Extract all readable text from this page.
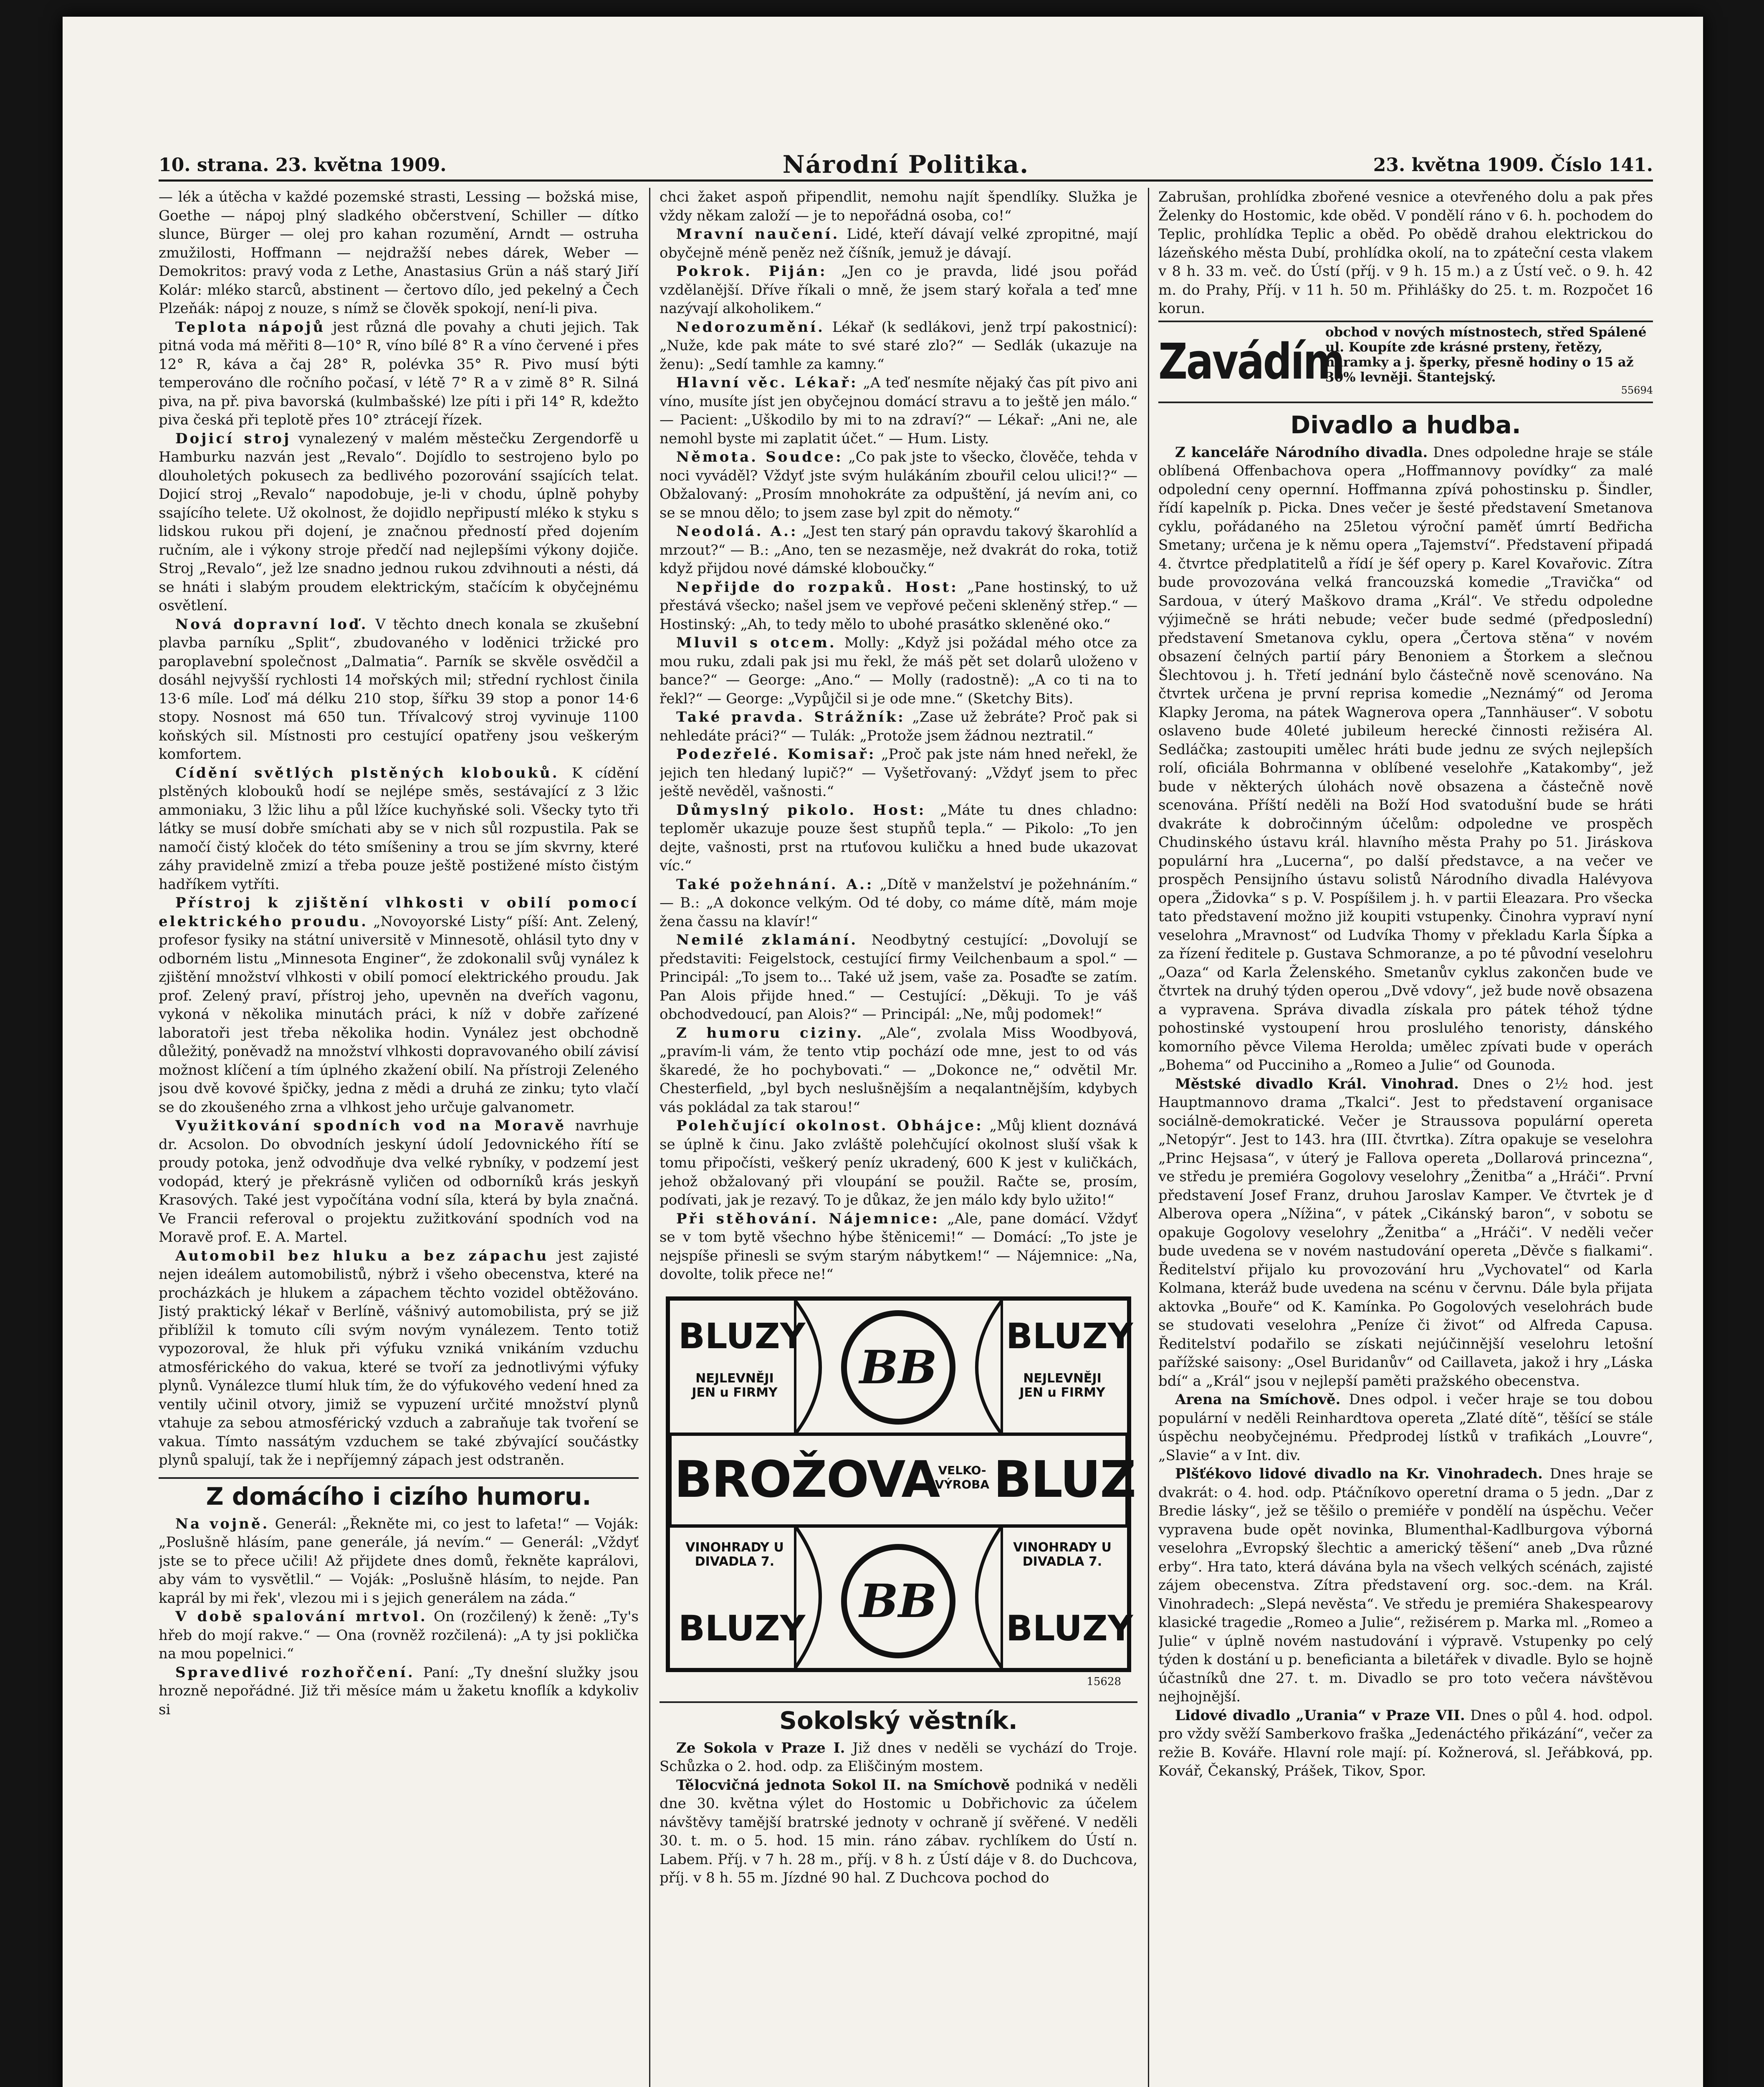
10. strana. 23. května 1909.	Národní Politika.	23. května 1909. Číslo 141.

— lék a útěcha v každé pozemské strasti, Lessing — božská mise, Goethe — nápoj plný sladkého občerstvení, Schiller — dítko slunce, Bürger — olej pro kahan rozumění, Arndt — ostruha zmužilosti, Hoffmann — nejdražší nebes dárek, Weber — Demokritos: pravý voda z Lethe, Anastasius Grün a náš starý Jiří Kolár: mléko starců, abstinent — čertovo dílo, jed pekelný a Čech Plzeňák: nápoj z nouze, s nímž se člověk spokojí, není-li piva.

Teplota nápojů jest různá dle povahy a chuti jejich. Tak pitná voda má měřiti 8—10° R, víno bílé 8° R a víno červené i přes 12° R, káva a čaj 28° R, polévka 35° R. Pivo musí býti temperováno dle ročního počasí, v létě 7° R a v zimě 8° R. Silná piva, na př. piva bavorská (kulmbašské) lze píti i při 14° R, kdežto piva česká při teplotě přes 10° ztrácejí řízek.

Dojicí stroj vynalezený v malém městečku Zergendorfě u Hamburku nazván jest „Revalo“. Dojídlo to sestrojeno bylo po dlouholetých pokusech za bedlivého pozorování ssajících telat. Dojicí stroj „Revalo“ napodobuje, je-li v chodu, úplně pohyby ssajícího telete. Už okolnost, že dojidlo nepřipustí mléko k styku s lidskou rukou při dojení, je značnou předností před dojením ručním, ale i výkony stroje předčí nad nejlepšími výkony dojiče. Stroj „Revalo“, jež lze snadno jednou rukou zdvihnouti a nésti, dá se hnáti i slabým proudem elektrickým, stačícím k obyčejnému osvětlení.

Nová dopravní loď. V těchto dnech konala se zkušební plavba parníku „Split“, zbudovaného v loděnici tržické pro paroplavební společnost „Dalmatia“. Parník se skvěle osvědčil a dosáhl nejvyšší rychlosti 14 mořských mil; střední rychlost činila 13·6 míle. Loď má délku 210 stop, šířku 39 stop a ponor 14·6 stopy. Nosnost má 650 tun. Třívalcový stroj vyvinuje 1100 koňských sil. Místnosti pro cestující opatřeny jsou veškerým komfortem.

Cídění světlých plstěných klobouků. K cídění plstěných klobouků hodí se nejlépe směs, sestávající z 3 lžic ammoniaku, 3 lžic lihu a půl lžíce kuchyňské soli. Všecky tyto tři látky se musí dobře smíchati aby se v nich sůl rozpustila. Pak se namočí čistý kloček do této smíšeniny a trou se jím skvrny, které záhy pravidelně zmizí a třeba pouze ještě postižené místo čistým hadříkem vytříti.

Přístroj k zjištění vlhkosti v obilí pomocí elektrického proudu. „Novoyorské Listy“ píší: Ant. Zelený, profesor fysiky na státní universitě v Minnesotě, ohlásil tyto dny v odborném listu „Minnesota Enginer“, že zdokonalil svůj vynález k zjištění množství vlhkosti v obilí pomocí elektrického proudu. Jak prof. Zelený praví, přístroj jeho, upevněn na dveřích vagonu, vykoná v několika minutách práci, k níž v dobře zařízené laboratoři jest třeba několika hodin. Vynález jest obchodně důležitý, poněvadž na množství vlhkosti dopravovaného obilí závisí možnost klíčení a tím úplného zkažení obilí. Na přístroji Zeleného jsou dvě kovové špičky, jedna z mědi a druhá ze zinku; tyto vlačí se do zkoušeného zrna a vlhkost jeho určuje galvanometr.

Využitkování spodních vod na Moravě navrhuje dr. Acsolon. Do obvodních jeskyní údolí Jedovnického řítí se proudy potoka, jenž odvodňuje dva velké rybníky, v podzemí jest vodopád, který je překrásně vyličen od odborníků krás jeskyň Krasových. Také jest vypočítána vodní síla, která by byla značná. Ve Francii referoval o projektu zužitkování spodních vod na Moravě prof. E. A. Martel.

Automobil bez hluku a bez zápachu jest zajisté nejen ideálem automobilistů, nýbrž i všeho obecenstva, které na procházkách je hlukem a zápachem těchto vozidel obtěžováno. Jistý praktický lékař v Berlíně, vášnivý automobilista, prý se již přiblížil k tomuto cíli svým novým vynálezem. Tento totiž vypozoroval, že hluk při výfuku vzniká vnikáním vzduchu atmosférického do vakua, které se tvoří za jednotlivými výfuky plynů. Vynálezce tlumí hluk tím, že do výfukového vedení hned za ventily učinil otvory, jimiž se vypuzení určité množství plynů vtahuje za sebou atmosférický vzduch a zabraňuje tak tvoření se vakua. Tímto nassátým vzduchem se také zbývající součástky plynů spalují, tak že i nepříjemný zápach jest odstraněn.

Z domácího i cizího humoru.

Na vojně. Generál: „Řekněte mi, co jest to lafeta!“ — Voják: „Poslušně hlásím, pane generále, já nevím.“ — Generál: „Vždyť jste se to přece učili! Až přijdete dnes domů, řekněte kaprálovi, aby vám to vysvětlil.“ — Voják: „Poslušně hlásím, to nejde. Pan kaprál by mi řek', vlezou mi i s jejich generálem na záda.“

V době spalování mrtvol. On (rozčilený) k ženě: „Ty's hřeb do mojí rakve.“ — Ona (rovněž rozčilená): „A ty jsi poklička na mou popelnici.“

Spravedlivé rozhořčení. Paní: „Ty dnešní služky jsou hrozně nepořádné. Již tři měsíce mám u žaketu knoflík a kdykoliv si

chci žaket aspoň připendlit, nemohu najít špendlíky. Služka je vždy někam založí — je to nepořádná osoba, co!“

Mravní naučení. Lidé, kteří dávají velké zpropitné, mají obyčejně méně peněz než číšník, jemuž je dávají.

Pokrok. Piján: „Jen co je pravda, lidé jsou pořád vzdělanější. Dříve říkali o mně, že jsem starý kořala a teď mne nazývají alkoholikem.“

Nedorozumění. Lékař (k sedlákovi, jenž trpí pakostnicí): „Nuže, kde pak máte to své staré zlo?“ — Sedlák (ukazuje na ženu): „Sedí tamhle za kamny.“

Hlavní věc. Lékař: „A teď nesmíte nějaký čas pít pivo ani víno, musíte jíst jen obyčejnou domácí stravu a to ještě jen málo.“ — Pacient: „Uškodilo by mi to na zdraví?“ — Lékař: „Ani ne, ale nemohl byste mi zaplatit účet.“ — Hum. Listy.

Němota. Soudce: „Co pak jste to všecko, člověče, tehda v noci vyváděl? Vždyť jste svým hulákáním zbouřil celou ulici!?“ — Obžalovaný: „Prosím mnohokráte za odpuštění, já nevím ani, co se se mnou dělo; to jsem zase byl zpit do němoty.“

Neodolá. A.: „Jest ten starý pán opravdu takový škarohlíd a mrzout?“ — B.: „Ano, ten se nezasměje, než dvakrát do roka, totiž když přijdou nové dámské kloboučky.“

Nepřijde do rozpaků. Host: „Pane hostinský, to už přestává všecko; našel jsem ve vepřové pečeni skleněný střep.“ — Hostinský: „Ah, to tedy mělo to ubohé prasátko skleněné oko.“

Mluvil s otcem. Molly: „Když jsi požádal mého otce za mou ruku, zdali pak jsi mu řekl, že máš pět set dolarů uloženo v bance?“ — George: „Ano.“ — Molly (radostně): „A co ti na to řekl?“ — George: „Vypůjčil si je ode mne.“ (Sketchy Bits).

Také pravda. Strážník: „Zase už žebráte? Proč pak si nehledáte práci?“ — Tulák: „Protože jsem žádnou neztratil.“

Podezřelé. Komisař: „Proč pak jste nám hned neřekl, že jejich ten hledaný lupič?“ — Vyšetřovaný: „Vždyť jsem to přec ještě nevěděl, vašnosti.“

Důmyslný pikolo. Host: „Máte tu dnes chladno: teploměr ukazuje pouze šest stupňů tepla.“ — Pikolo: „To jen dejte, vašnosti, prst na rtuťovou kuličku a hned bude ukazovat víc.“

Také požehnání. A.: „Dítě v manželství je požehnáním.“ — B.: „A dokonce velkým. Od té doby, co máme dítě, mám moje žena čassu na klavír!“

Nemilé zklamání. Neodbytný cestující: „Dovolují se představiti: Feigelstock, cestující firmy Veilchenbaum a spol.“ — Principál: „To jsem to... Také už jsem, vaše za. Posaďte se zatím. Pan Alois přijde hned.“ — Cestující: „Děkuji. To je váš obchodvedoucí, pan Alois?“ — Principál: „Ne, můj podomek!“

Z humoru ciziny. „Ale“, zvolala Miss Woodbyová, „pravím-li vám, že tento vtip pochází ode mne, jest to od vás škaredé, že ho pochybovati.“ — „Dokonce ne,“ odvětil Mr. Chesterfield, „byl bych neslušnějším a neqalantnějším, kdybych vás pokládal za tak starou!“

Polehčující okolnost. Obhájce: „Můj klient doznává se úplně k činu. Jako zvláště polehčující okolnost sluší však k tomu připočísti, veškerý peníz ukradený, 600 K jest v kuličkách, jehož obžalovaný při vloupání se použil. Račte se, prosím, podívati, jak je rezavý. To je důkaz, že jen málo kdy bylo užito!“

Při stěhování. Nájemnice: „Ale, pane domácí. Vždyť se v tom bytě všechno hýbe štěnicemi!“ — Domácí: „To jste je nejspíše přinesli se svým starým nábytkem!“ — Nájemnice: „Na, dovolte, tolik přece ne!“

BLUZY	BLUZY
NEJLEVNĚJI JEN u FIRMY
NEJLEVNĚJI JEN u FIRMY
BB
BB
BROŽOVA
VELKO-VÝROBA BLUZ
VINOHRADY U DIVADLA 7.
VINOHRADY U DIVADLA 7.
BLUZY	BLUZY
15628
Sokolský věstník.

Ze Sokola v Praze I. Již dnes v neděli se vychází do Troje. Schůzka o 2. hod. odp. za Eliščiným mostem.

Tělocvičná jednota Sokol II. na Smíchově podniká v neděli dne 30. května výlet do Hostomic u Dobřichovic za účelem návštěvy tamější bratrské jednoty v ochraně jí svěřené. V neděli 30. t. m. o 5. hod. 15 min. ráno zábav. rychlíkem do Ústí n. Labem. Příj. v 7 h. 28 m., příj. v 8 h. z Ústí dáje v 8. do Duchcova, příj. v 8 h. 55 m. Jízdné 90 hal. Z Duchcova pochod do

Zabrušan, prohlídka zbořené vesnice a otevřeného dolu a pak přes Želenky do Hostomic, kde oběd. V pondělí ráno v 6. h. pochodem do Teplic, prohlídka Teplic a oběd. Po obědě drahou elektrickou do lázeňského města Dubí, prohlídka okolí, na to zpáteční cesta vlakem v 8 h. 33 m. več. do Ústí (příj. v 9 h. 15 m.) a z Ústí več. o 9. h. 42 m. do Prahy, Příj. v 11 h. 50 m. Přihlášky do 25. t. m. Rozpočet 16 korun.

Zavádím
obchod v nových místnostech, střed Spálené ul. Koupíte zde krásné prsteny, řetězy, náramky a j. šperky, přesně hodiny o 15 až 30% levněji. Štantejský.
55694
Divadlo a hudba.

Z kanceláře Národního divadla. Dnes odpoledne hraje se stále oblíbená Offenbachova opera „Hoffmannovy povídky“ za malé odpolední ceny opernní. Hoffmanna zpívá pohostinsku p. Šindler, řídí kapelník p. Picka. Dnes večer je šesté představení Smetanova cyklu, pořádaného na 25letou výroční paměť úmrtí Bedřicha Smetany; určena je k němu opera „Tajemství“. Představení připadá 4. čtvrtce předplatitelů a řídí je šéf opery p. Karel Kovařovic. Zítra bude provozována velká francouzská komedie „Travička“ od Sardoua, v úterý Maškovo drama „Král“. Ve středu odpoledne výjimečně se hráti nebude; večer bude sedmé (předposlední) představení Smetanova cyklu, opera „Čertova stěna“ v novém obsazení čelných partií páry Benoniem a Štorkem a slečnou Šlechtovou j. h. Třetí jednání bylo částečně nově scenováno. Na čtvrtek určena je první reprisa komedie „Neznámý“ od Jeroma Klapky Jeroma, na pátek Wagnerova opera „Tannhäuser“. V sobotu oslaveno bude 40leté jubileum herecké činnosti režiséra Al. Sedláčka; zastoupiti umělec hráti bude jednu ze svých nejlepších rolí, oficiála Bohrmanna v oblíbené veselohře „Katakomby“, jež bude v některých úlohách nově obsazena a částečně nově scenována. Příští neděli na Boží Hod svatodušní bude se hráti dvakráte k dobročinným účelům: odpoledne ve prospěch Chudinského ústavu král. hlavního města Prahy po 51. Jiráskova populární hra „Lucerna“, po další představce, a na večer ve prospěch Pensijního ústavu solistů Národního divadla Halévyova opera „Židovka“ s p. V. Pospíšilem j. h. v partii Eleazara. Pro všecka tato představení možno již koupiti vstupenky. Činohra vypraví nyní veselohra „Mravnost“ od Ludvíka Thomy v překladu Karla Šípka a za řízení ředitele p. Gustava Schmoranze, a po té původní veselohru „Oaza“ od Karla Želenského. Smetanův cyklus zakončen bude ve čtvrtek na druhý týden operou „Dvě vdovy“, jež bude nově obsazena a vypravena. Správa divadla získala pro pátek téhož týdne pohostinské vystoupení hrou proslulého tenoristy, dánského komorního pěvce Vilema Herolda; umělec zpívati bude v operách „Bohema“ od Pucciniho a „Romeo a Julie“ od Gounoda.

Městské divadlo Král. Vinohrad. Dnes o 2½ hod. jest Hauptmannovo drama „Tkalci“. Jest to představení organisace sociálně-demokratické. Večer je Straussova populární opereta „Netopýr“. Jest to 143. hra (III. čtvrtka). Zítra opakuje se veselohra „Princ Hejsasa“, v úterý je Fallova opereta „Dollarová princezna“, ve středu je premiéra Gogolovy veselohry „Ženitba“ a „Hráči“. První představení Josef Franz, druhou Jaroslav Kamper. Ve čtvrtek je ď Alberova opera „Nížina“, v pátek „Cikánský baron“, v sobotu se opakuje Gogolovy veselohry „Ženitba“ a „Hráči“. V neděli večer bude uvedena se v novém nastudování opereta „Děvče s fialkami“. Ředitelství přijalo ku provozování hru „Vychovatel“ od Karla Kolmana, kteráž bude uvedena na scénu v červnu. Dále byla přijata aktovka „Bouře“ od K. Kamínka. Po Gogolových veselohrách bude se studovati veselohra „Peníze či život“ od Alfreda Capusa. Ředitelství podařilo se získati nejúčinnější veselohru letošní pařížské saisony: „Osel Buridanův“ od Caillaveta, jakož i hry „Láska bdí“ a „Král“ jsou v nejlepší paměti pražského obecenstva.

Arena na Smíchově. Dnes odpol. i večer hraje se tou dobou populární v neděli Reinhardtova opereta „Zlaté dítě“, těšící se stále úspěchu neobyčejnému. Předprodej lístků v trafikách „Louvre“, „Slavie“ a v Int. div.

Plšťékovo lidové divadlo na Kr. Vinohradech. Dnes hraje se dvakrát: o 4. hod. odp. Ptáčníkovo operetní drama o 5 jedn. „Dar z Bredie lásky“, jež se těšilo o premiéře v pondělí na úspěchu. Večer vypravena bude opět novinka, Blumenthal-Kadlburgova výborná veselohra „Evropský šlechtic a americký těšení“ aneb „Dva různé erby“. Hra tato, která dávána byla na všech velkých scénách, zajisté zájem obecenstva. Zítra představení org. soc.-dem. na Král. Vinohradech: „Slepá nevěsta“. Ve středu je premiéra Shakespearovy klasické tragedie „Romeo a Julie“, režisérem p. Marka ml. „Romeo a Julie“ v úplně novém nastudování i výpravě. Vstupenky po celý týden k dostání u p. beneficianta a biletářek v divadle. Bylo se hojně účastníků dne 27. t. m. Divadlo se pro toto večera návštěvou nejhojnější.

Lidové divadlo „Urania“ v Praze VII. Dnes o půl 4. hod. odpol. pro vždy svěží Samberkovo fraška „Jedenáctého přikázání“, večer za režie B. Kováře. Hlavní role mají: pí. Kožnerová, sl. Jeřábková, pp. Kovář, Čekanský, Prášek, Tikov, Spor.
